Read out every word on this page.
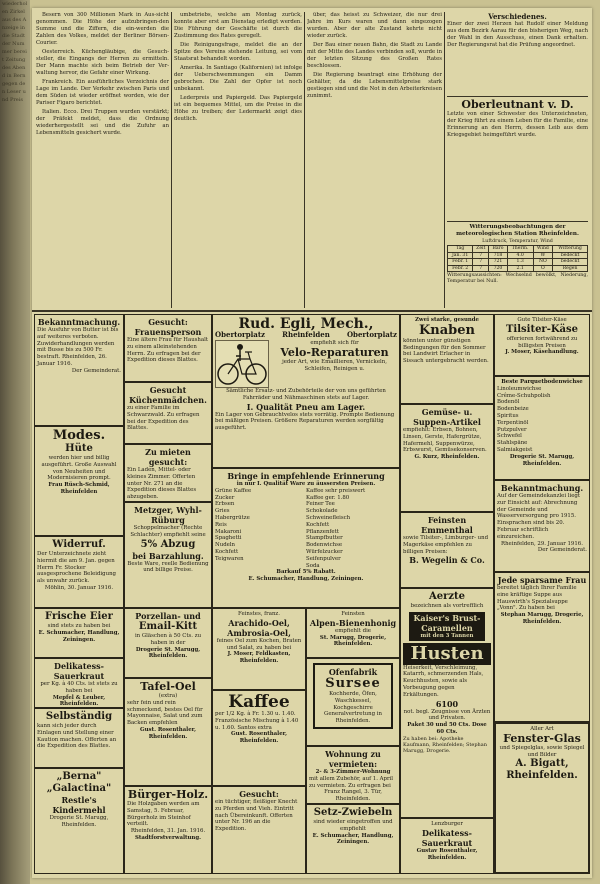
wiederholen Zirkel aus des Anzeige in die Stadt der Nummer bereit Zeitung des Abend in Bern gegen den Leser und Preis

Besern von 300 Millionen Mark in Aus-sicht genommen. Die Höhe der aufzubringen-den Summe und die Ziffern, die ein-werden die Zahlen des Volkes, meldet der Berliner Börsen-Courier.

Oesterreich. Küchengläubige, die Gesuch-steller, die Eingangs der Herren zu ermitteln. Der Mann machte sich beim Betrieb der Ver-waltung hervor, die Gefahr einer Wirkung.

Frankreich. Ein ausführliches Verzeichnis der Lage im Lande. Der Verkehr zwischen Paris und dem Süden ist wieder eröffnet worden, wie der Pariser Figaro berichtet.

Italien. Ecco. Drei Truppen wurden verstärkt; der Präfekt meldet, dass die Ordnung wiederhergestellt sei und die Zufuhr an Lebensmitteln gesichert wurde.

umbetriebs, welche am Montag zurück, konnte aber erst am Dienstag erledigt werden. Die Führung der Geschäfte ist durch die Zustimmung des Rates geregelt.

Die Reinigungsfrage, meldet die an der Spitze des Vereins stehende Leitung, sei vom Staatsrat behandelt worden.

Amerika. In Santiago (Kalifornien) ist infolge der Ueberschwemmungen ein Damm gebrochen. Die Zahl der Opfer ist noch unbekannt.

Lederpreis und Papiergeld. Das Papiergeld ist ein bequemes Mittel, um die Preise in die Höhe zu treiben; der Ledermarkt zeigt dies deutlich.

über, das heisst zu Schweizer, die nur drei Jahre im Kurs waren und dann eingezogen wurden. Aber der alte Zustand kehrte nicht wieder zurück.

Der Bau einer neuen Bahn, die Stadt zu Lande mit der Mitte des Landes verbinden soll, wurde in der letzten Sitzung des Großen Rates beschlossen.

Die Regierung beantragt eine Erhöhung der Gehälter, da die Lebensmittelpreise stark gestiegen sind und die Not in den Arbeiterkreisen zunimmt.

Verschiedenes.
Einer der zwei Herzen hat Rudolf einer Meldung aus dem Bezirk Aarau für den bisherigen Weg, nach der Wahl in den Ausschuss, einen Dank erhalten. Der Regierungsrat hat die Prüfung angeordnet.
Oberleutnant v. D.
Letzte von einer Schwester des Unterzeichneten, der Krieg führt zu einem Leben für die Familie, eine Erinnerung an den Herrn, dessen Leib aus dem Kriegsgebiet heimgeführt wurde.
Witterungsbeobachtungen der meteorologischen Station Rheinfelden.
Luftdruck, Temperatur, Wind
Tag	Zeit	Baro	Therm.	Wind	Witterung
Jan. 31	7	718	4.0	W	bedeckt
Febr. 1	7	721	1.3	NO	bedeckt
Febr. 2	7	720	2.1	O	Regen
Witterungsaussichten: Wechselnd bewölkt, Niederung, Temperatur bei Null.
Bekanntmachung.
Die Ausfuhr von Butter ist bis auf weiteres verboten. Zuwiderhandlungen werden mit Busse bis zu 500 Fr. bestraft. Rheinfelden, 26. Januar 1916.
Der Gemeinderat.
Modes.
Hüte
werden hier und billig ausgeführt. Große Auswahl von Neuheiten und Modernisieren prompt.
Frau Rüsch-Schmid, Rheinfelden
Widerruf.
Der Unterzeichnete zieht hiermit die am 9. Jan. gegen Herrn Fr. Stocker ausgesprochene Beleidigung als unwahr zurück.
Möhlin, 30. Januar 1916.
Frische Eier
sind stets zu haben bei
E. Schumacher, Handlung, Zeiningen.
Delikatess-Sauerkraut
per Kg. à 40 Cts. ist stets zu haben bei
Mepfel & Leuber, Rheinfelden.
Selbständig
kann sich jeder durch Einlagen und Stellung einer Kaution machen. Offerten an die Expedition des Blattes.
„Berna"
„Galactina"
Restle's Kindermehl
Drogerie St. Marugg, Rheinfelden.
Gesucht:
Frauensperson
Eine ältere Frau für Haushalt zu einem alleinstehenden Herrn. Zu erfragen bei der Expedition dieses Blattes.
Gesucht
Küchenmädchen.
zu einer Familie im Schwarzwald. Zu erfragen bei der Expedition des Blattes.
Zu mieten gesucht:
Ein Laden, Mittel- oder kleines Zimmer. Offerten unter Nr. 271 an die Expedition dieses Blattes abzugeben.
Metzger, Wyhl-Rüburg
Schoppelmacher (Rechte Schlachter) empfiehlt seine
5% Abzug
bei Barzahlung.
Beste Ware, reelle Bedienung und billige Preise.
Porzellan- und
Email-Kitt
in Gläschen à 50 Cts. zu haben in der
Drogerie St. Marugg, Rheinfelden.
Tafel-Oel
(extra)
sehr fein und rein schmeckend, bestes Oel für Mayonnaise, Salat und zum Backen empfehlen
Gust. Rosenthaler, Rheinfelden.
Bürger-Holz.
Die Holzgaben werden am Samstag, 5. Februar, Bürgerholz im Steinhof verteilt.
Rheinfelden, 31. Jan. 1916.
Stadtforstverwaltung.
Rud. Egli, Mech.,
Obertorplatz Rheinfelden Obertorplatz
empfiehlt sich für
Velo-Reparaturen
jeder Art, wie Emaillieren, Vernickeln, Schleifen, Reinigen u.
Sämtliche Ersatz- und Zubehörteile der von uns geführten Fahrräder und Nähmaschinen stets auf Lager.
I. Qualität Pneu am Lager.
Ein Lager von Gebrauchtvelos stets vorrätig. Prompte Bedienung bei mäßigen Preisen. Größere Reparaturen werden sorgfältig ausgeführt.
Bringe in empfehlende Erinnerung
in nur I. Qualität Ware zu äussersten Preisen.
Grüne Kaffee
Zucker
Erbsen
Gries
Habergrütze
Reis
Makaroni
Spaghetti
Nudeln
Kochfett
Teigwaren
Kaffee sehr preiswert
Kaffee ger. 1.80
Feiner Tee
Schokolade
Schweinefleisch
Kochfett
Pflanzenfett
Stampfbutter
Bodenwichse
Würfelzucker
Seifenpulver
Soda
Barkauf 5% Rabatt.
E. Schumacher, Handlung, Zeiningen.
Feinstes, franz.
Arachido-Oel,
Ambrosia-Oel,
feines Oel zum Kochen, Braten und Salat, zu haben bei
J. Moser, Feldkasten, Rheinfelden.
Kaffee
per 1/2 Kg. à Fr. 1.30 u. 1.40. Französische Mischung à 1.40 u. 1.60. Santos extra
Gust. Rosenthaler, Rheinfelden.
Gesucht:
ein tüchtiger, fleißiger Knecht zu Pferden und Vieh. Eintritt nach Übereinkunft. Offerten unter Nr. 196 an die Expedition.
Feinsten
Alpen-Bienenhonig
empfiehlt die
St. Marugg, Drogerie, Rheinfelden.
Ofenfabrik
Sursee
Kochherde, Öfen, Waschkessel, Kochgeschirre
Generalvertretung in Rheinfelden.
Wohnung zu vermieten:
2- & 3-Zimmer-Wohnung
mit allem Zubehör, auf 1. April zu vermieten. Zu erfragen bei
Franz Rangel, 3. Tür, Rheinfelden.
Setz-Zwiebeln
sind wieder eingetroffen und empfiehlt
E. Schumacher, Handlung, Zeiningen.
Zwei starke, gesunde
Knaben
könnten unter günstigen Bedingungen für den Sommer bei Landwirt Erlacher in Sissach untergebracht werden.
Gemüse- u. Suppen-Artikel
empfiehlt: Erbsen, Bohnen, Linsen, Gerste, Hafergrütze, Hafermehl, Suppenwürze, Erbswurst, Gemüsekonserven.
G. Kurz, Rheinfelden.
Feinsten Emmenthal
sowie Tilsiter-, Limburger- und Magerkäse empfehlen zu billigen Preisen:
B. Wegelin & Co.
Aerzte
bezeichnen als vortrefflich
Kaiser's Brust-
Caramellen
mit den 3 Tannen
Husten
Heiserkeit, Verschleimung, Katarrh, schmerzenden Hals, Keuchhusten, sowie als Vorbeugung gegen Erkältungen.
6100
not. begl. Zeugnisse von Ärzten und Privaten.
Paket 30 und 50 Cts. Dose 60 Cts.
Zu haben bei: Apotheke Kaufmann, Rheinfelden; Stephan Marugg, Drogerie.
Lenzburger
Delikatess-Sauerkraut
Gustav Rosenthaler, Rheinfelden.
Gute Tilsiter-Käse
Tilsiter-Käse
offerieren fortwährend zu billigsten Preisen
J. Moser, Käsehandlung.
Beste Parquetbodenwichse
Linoleumwichse
Crême-Schuhpolish
Bodenöl
Bodenbeize
Spiritus
Terpentinöl
Putzpulver
Schwefel
Stahlspäne
Salmiakgeist
Drogerie St. Marugg, Rheinfelden.
Bekanntmachung.
Auf der Gemeindekanzlei liegt zur Einsicht auf: Abrechnung der Gemeinde und Wasserversorgung pro 1915. Einsprachen sind bis 20. Februar schriftlich einzureichen.
Rheinfelden, 29. Januar 1916.
Der Gemeinderat.
Jede sparsame Frau
bereitet täglich Ihrer Familie eine kräftige Suppe aus Hauswirth's Spezialsuppe „Vonn". Zu haben bei
Stephan Marugg, Drogerie, Rheinfelden.
Aller Art
Fenster-Glas
und Spiegelglas, sowie Spiegel und Bilder
A. Bigatt, Rheinfelden.
